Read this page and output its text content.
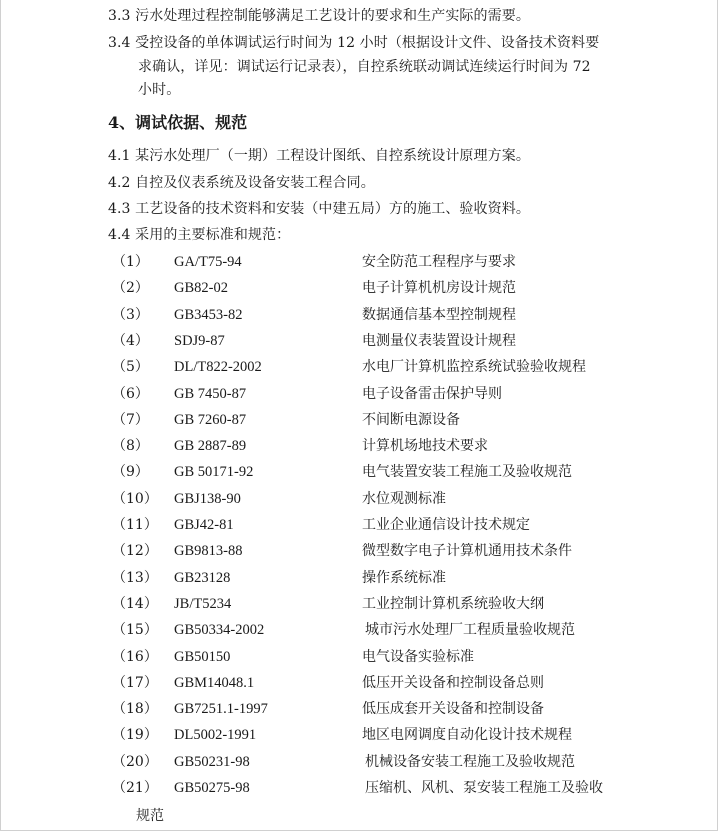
3.3 污水处理过程控制能够满足工艺设计的要求和生产实际的需要。
3.4 受控设备的单体调试运行时间为 12 小时（根据设计文件、设备技术资料要
求确认，详见：调试运行记录表），自控系统联动调试连续运行时间为 72
小时。
4、调试依据、规范
4.1 某污水处理厂（一期）工程设计图纸、自控系统设计原理方案。
4.2 自控及仪表系统及设备安装工程合同。
4.3 工艺设备的技术资料和安装（中建五局）方的施工、验收资料。
4.4 采用的主要标准和规范：
（1） GA/T75-94	安全防范工程程序与要求
（2） GB82-02	电子计算机机房设计规范
（3） GB3453-82	数据通信基本型控制规程
（4） SDJ9-87	电测量仪表装置设计规程
（5） DL/T822-2002	水电厂计算机监控系统试验验收规程
（6） GB 7450-87	电子设备雷击保护导则
（7） GB 7260-87	不间断电源设备
（8） GB 2887-89	计算机场地技术要求
（9） GB 50171-92	电气装置安装工程施工及验收规范
（10） GBJ138-90	水位观测标准
（11） GBJ42-81	工业企业通信设计技术规定
（12） GB9813-88	微型数字电子计算机通用技术条件
（13） GB23128	操作系统标准
（14） JB/T5234	工业控制计算机系统验收大纲
（15） GB50334-2002	城市污水处理厂工程质量验收规范
（16） GB50150	电气设备实验标准
（17） GBM14048.1	低压开关设备和控制设备总则
（18） GB7251.1-1997	低压成套开关设备和控制设备
（19） DL5002-1991	地区电网调度自动化设计技术规程
（20） GB50231-98	机械设备安装工程施工及验收规范
（21） GB50275-98	压缩机、风机、泵安装工程施工及验收
规范
